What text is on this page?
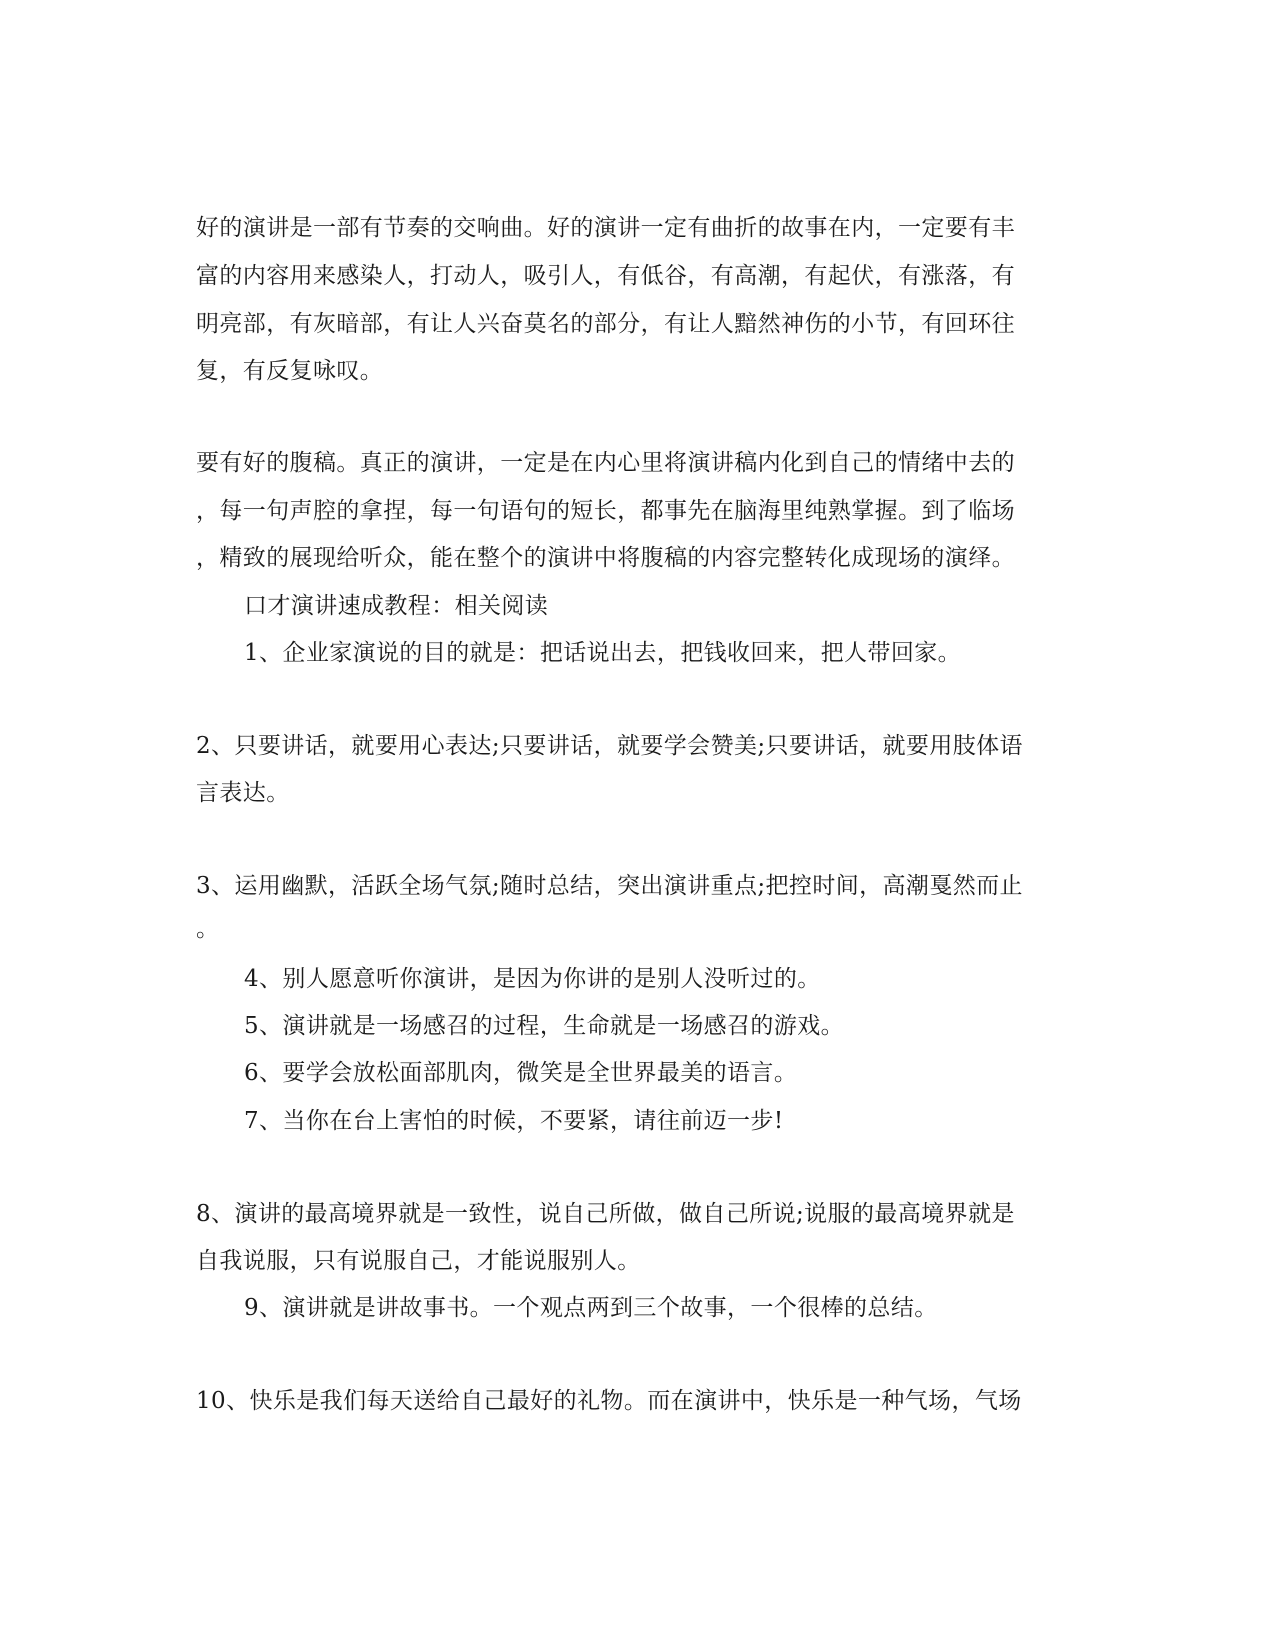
好的演讲是一部有节奏的交响曲。好的演讲一定有曲折的故事在内，一定要有丰
富的内容用来感染人，打动人，吸引人，有低谷，有高潮，有起伏，有涨落，有
明亮部，有灰暗部，有让人兴奋莫名的部分，有让人黯然神伤的小节，有回环往
复，有反复咏叹。
要有好的腹稿。真正的演讲，一定是在内心里将演讲稿内化到自己的情绪中去的
，每一句声腔的拿捏，每一句语句的短长，都事先在脑海里纯熟掌握。到了临场
，精致的展现给听众，能在整个的演讲中将腹稿的内容完整转化成现场的演绎。
口才演讲速成教程：相关阅读
1、企业家演说的目的就是：把话说出去，把钱收回来，把人带回家。
2、只要讲话，就要用心表达;只要讲话，就要学会赞美;只要讲话，就要用肢体语
言表达。
3、运用幽默，活跃全场气氛;随时总结，突出演讲重点;把控时间，高潮戛然而止
。
4、别人愿意听你演讲，是因为你讲的是别人没听过的。
5、演讲就是一场感召的过程，生命就是一场感召的游戏。
6、要学会放松面部肌肉，微笑是全世界最美的语言。
7、当你在台上害怕的时候，不要紧，请往前迈一步!
8、演讲的最高境界就是一致性，说自己所做，做自己所说;说服的最高境界就是
自我说服，只有说服自己，才能说服别人。
9、演讲就是讲故事书。一个观点两到三个故事，一个很棒的总结。
10、快乐是我们每天送给自己最好的礼物。而在演讲中，快乐是一种气场，气场
